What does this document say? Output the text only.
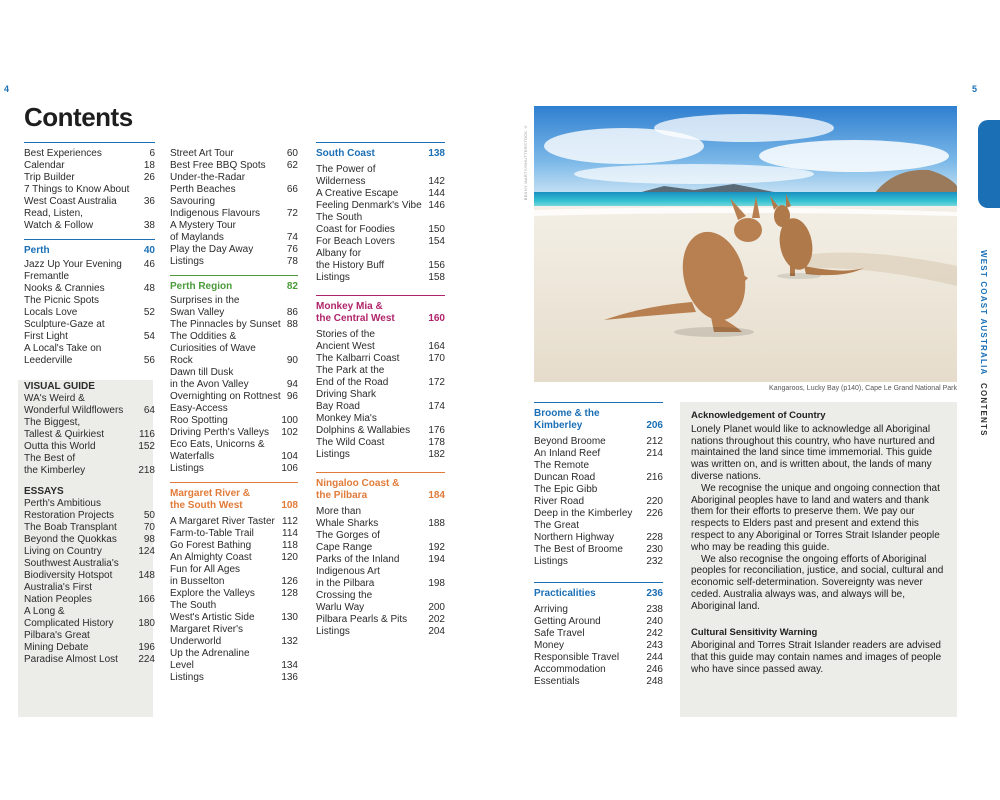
4	5
Contents
Best Experiences	6
Calendar	18
Trip Builder	26
7 Things to Know About
West Coast Australia	36
Read, Listen,
Watch & Follow	38
Perth	40
Jazz Up Your Evening	46
Fremantle
Nooks & Crannies	48
The Picnic Spots
Locals Love	52
Sculpture-Gaze at
First Light	54
A Local's Take on
Leederville	56
VISUAL GUIDE
WA's Weird &
Wonderful Wildflowers	64
The Biggest,
Tallest & Quirkiest	116
Outta this World	152
The Best of
the Kimberley	218
ESSAYS
Perth's Ambitious
Restoration Projects	50
The Boab Transplant	70
Beyond the Quokkas	98
Living on Country	124
Southwest Australia's
Biodiversity Hotspot	148
Australia's First
Nation Peoples	166
A Long &
Complicated History	180
Pilbara's Great
Mining Debate	196
Paradise Almost Lost	224
Street Art Tour	60
Best Free BBQ Spots	62
Under-the-Radar
Perth Beaches	66
Savouring
Indigenous Flavours	72
A Mystery Tour
of Maylands	74
Play the Day Away	76
Listings	78
Perth Region	82
Surprises in the
Swan Valley	86
The Pinnacles by Sunset 88
The Oddities &
Curiosities of Wave Rock	90
Dawn till Dusk
in the Avon Valley	94
Overnighting on Rottnest 96
Easy-Access
Roo Spotting	100
Driving Perth's Valleys	102
Eco Eats, Unicorns &
Waterfalls	104
Listings	106
Margaret River &
the South West	108
A Margaret River Taster 112
Farm-to-Table Trail	114
Go Forest Bathing	118
An Almighty Coast	120
Fun for All Ages
in Busselton	126
Explore the Valleys	128
The South
West's Artistic Side	130
Margaret River's
Underworld	132
Up the Adrenaline Level	134
Listings	136
South Coast	138
The Power of
Wilderness	142
A Creative Escape	144
Feeling Denmark's Vibe 146
The South
Coast for Foodies	150
For Beach Lovers	154
Albany for
the History Buff	156
Listings	158
Monkey Mia &
the Central West	160
Stories of the
Ancient West	164
The Kalbarri Coast	170
The Park at the
End of the Road	172
Driving Shark
Bay Road	174
Monkey Mia's
Dolphins & Wallabies	176
The Wild Coast	178
Listings	182
Ningaloo Coast &
the Pilbara	184
More than
Whale Sharks	188
The Gorges of
Cape Range	192
Parks of the Inland	194
Indigenous Art
in the Pilbara	198
Crossing the
Warlu Way	200
Pilbara Pearls & Pits	202
Listings	204
Broome & the Kimberley	206
Beyond Broome	212
An Inland Reef	214
The Remote
Duncan Road	216
The Epic Gibb
River Road	220
Deep in the Kimberley	226
The Great
Northern Highway	228
The Best of Broome	230
Listings	232
Practicalities	236
Arriving	238
Getting Around	240
Safe Travel	242
Money	243
Responsible Travel	244
Accommodation	246
Essentials	248
BENNY MARTY/SHUTTERSTOCK ©
Kangaroos, Lucky Bay (p140), Cape Le Grand National Park
WEST COAST AUSTRALIA CONTENTS
Acknowledgement of Country

Lonely Planet would like to acknowledge all Aboriginal nations throughout this country, who have nurtured and maintained the land since time immemorial. This guide was written on, and is written about, the lands of many diverse nations.

We recognise the unique and ongoing connection that Aboriginal peoples have to land and waters and thank them for their efforts to preserve them. We pay our respects to Elders past and present and extend this respect to any Aboriginal or Torres Strait Islander people who may be reading this guide.

We also recognise the ongoing efforts of Aboriginal peoples for reconciliation, justice, and social, cultural and economic self-determination. Sovereignty was never ceded. Australia always was, and always will be, Aboriginal land.

Cultural Sensitivity Warning

Aboriginal and Torres Strait Islander readers are advised that this guide may contain names and images of people who have since passed away.
